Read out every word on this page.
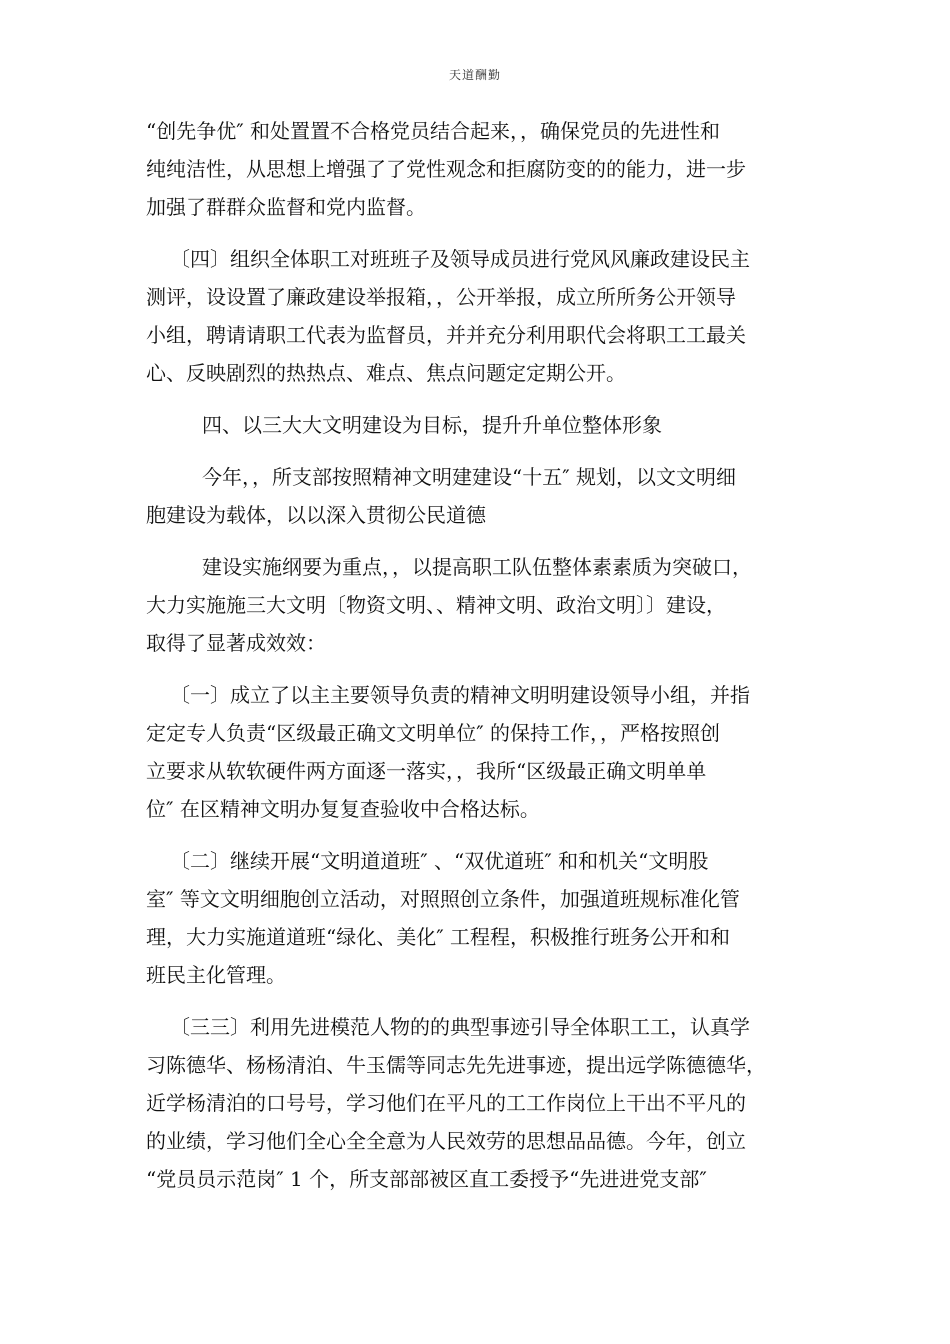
天道酬勤
“创先争优″ 和处置置不合格党员结合起来，，确保党员的先进性和
纯纯洁性，从思想上增强了了党性观念和拒腐防变的的能力，进一步
加强了群群众监督和党内监督。
〔四〕组织全体职工对班班子及领导成员进行党风风廉政建设民主
测评，设设置了廉政建设举报箱，，公开举报，成立所所务公开领导
小组，聘请请职工代表为监督员，并并充分利用职代会将职工工最关
心、反映剧烈的热热点、难点、焦点问题定定期公开。
四、以三大大文明建设为目标，提升升单位整体形象
今年，，所支部按照精神文明建建设“十五″ 规划，以文文明细
胞建设为载体，以以深入贯彻公民道德
建设实施纲要为重点，，以提高职工队伍整体素素质为突破口，
大力实施施三大文明〔物资文明、、精神文明、政治文明〕〕建设，
取得了显著成效效：
〔一〕成立了以主主要领导负责的精神文明明建设领导小组，并指
定定专人负责“区级最正确文文明单位″ 的保持工作，，严格按照创
立要求从软软硬件两方面逐一落实，，我所“区级最正确文明单单
位″ 在区精神文明办复复查验收中合格达标。
〔二〕继续开展“文明道道班″ 、“双优道班″ 和和机关“文明股
室″ 等文文明细胞创立活动，对照照创立条件，加强道班规标准化管
理，大力实施道道班“绿化、美化″ 工程程，积极推行班务公开和和
班民主化管理。
〔三三〕利用先进模范人物的的典型事迹引导全体职工工，认真学
习陈德华、杨杨清泊、牛玉儒等同志先先进事迹，提出远学陈德德华，
近学杨清泊的口号号，学习他们在平凡的工工作岗位上干出不平凡的
的业绩，学习他们全心全全意为人民效劳的思想品品德。今年，创立
“党员员示范岗″ 1 个，所支部部被区直工委授予“先进进党支部″
